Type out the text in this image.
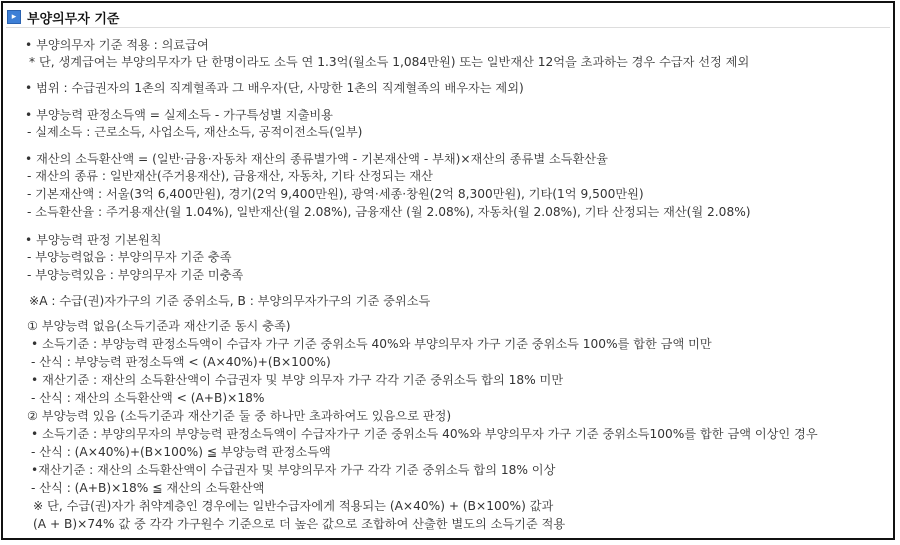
▸ 부양의무자 기준
• 부양의무자 기준 적용 : 의료급여
* 단, 생계급여는 부양의무자가 단 한명이라도 소득 연 1.3억(월소득 1,084만원) 또는 일반재산 12억을 초과하는 경우 수급자 선정 제외
• 범위 : 수급권자의 1촌의 직계혈족과 그 배우자(단, 사망한 1촌의 직계혈족의 배우자는 제외)
• 부양능력 판정소득액 = 실제소득 - 가구특성별 지출비용
- 실제소득 : 근로소득, 사업소득, 재산소득, 공적이전소득(일부)
• 재산의 소득환산액 = (일반·금융·자동차 재산의 종류별가액 - 기본재산액 - 부채)×재산의 종류별 소득환산율
- 재산의 종류 : 일반재산(주거용재산), 금융재산, 자동차, 기타 산정되는 재산
- 기본재산액 : 서울(3억 6,400만원), 경기(2억 9,400만원), 광역·세종·창원(2억 8,300만원), 기타(1억 9,500만원)
- 소득환산율 : 주거용재산(월 1.04%), 일반재산(월 2.08%), 금융재산 (월 2.08%), 자동차(월 2.08%), 기타 산정되는 재산(월 2.08%)
• 부양능력 판정 기본원칙
- 부양능력없음 : 부양의무자 기준 충족
- 부양능력있음 : 부양의무자 기준 미충족
※A : 수급(권)자가구의 기준 중위소득, B : 부양의무자가구의 기준 중위소득
① 부양능력 없음(소득기준과 재산기준 동시 충족)
• 소득기준 : 부양능력 판정소득액이 수급자 가구 기준 중위소득 40%와 부양의무자 가구 기준 중위소득 100%를 합한 금액 미만
- 산식 : 부양능력 판정소득액 < (A×40%)+(B×100%)
• 재산기준 : 재산의 소득환산액이 수급권자 및 부양 의무자 가구 각각 기준 중위소득 합의 18% 미만
- 산식 : 재산의 소득환산액 < (A+B)×18%
② 부양능력 있음 (소득기준과 재산기준 둘 중 하나만 초과하여도 있음으로 판정)
• 소득기준 : 부양의무자의 부양능력 판정소득액이 수급자가구 기준 중위소득 40%와 부양의무자 가구 기준 중위소득100%를 합한 금액 이상인 경우
- 산식 : (A×40%)+(B×100%) ≦ 부양능력 판정소득액
•재산기준 : 재산의 소득환산액이 수급권자 및 부양의무자 가구 각각 기준 중위소득 합의 18% 이상
- 산식 : (A+B)×18% ≦ 재산의 소득환산액
※ 단, 수급(권)자가 취약계층인 경우에는 일반수급자에게 적용되는 (A×40%) + (B×100%) 값과
(A + B)×74% 값 중 각각 가구원수 기준으로 더 높은 값으로 조합하여 산출한 별도의 소득기준 적용
